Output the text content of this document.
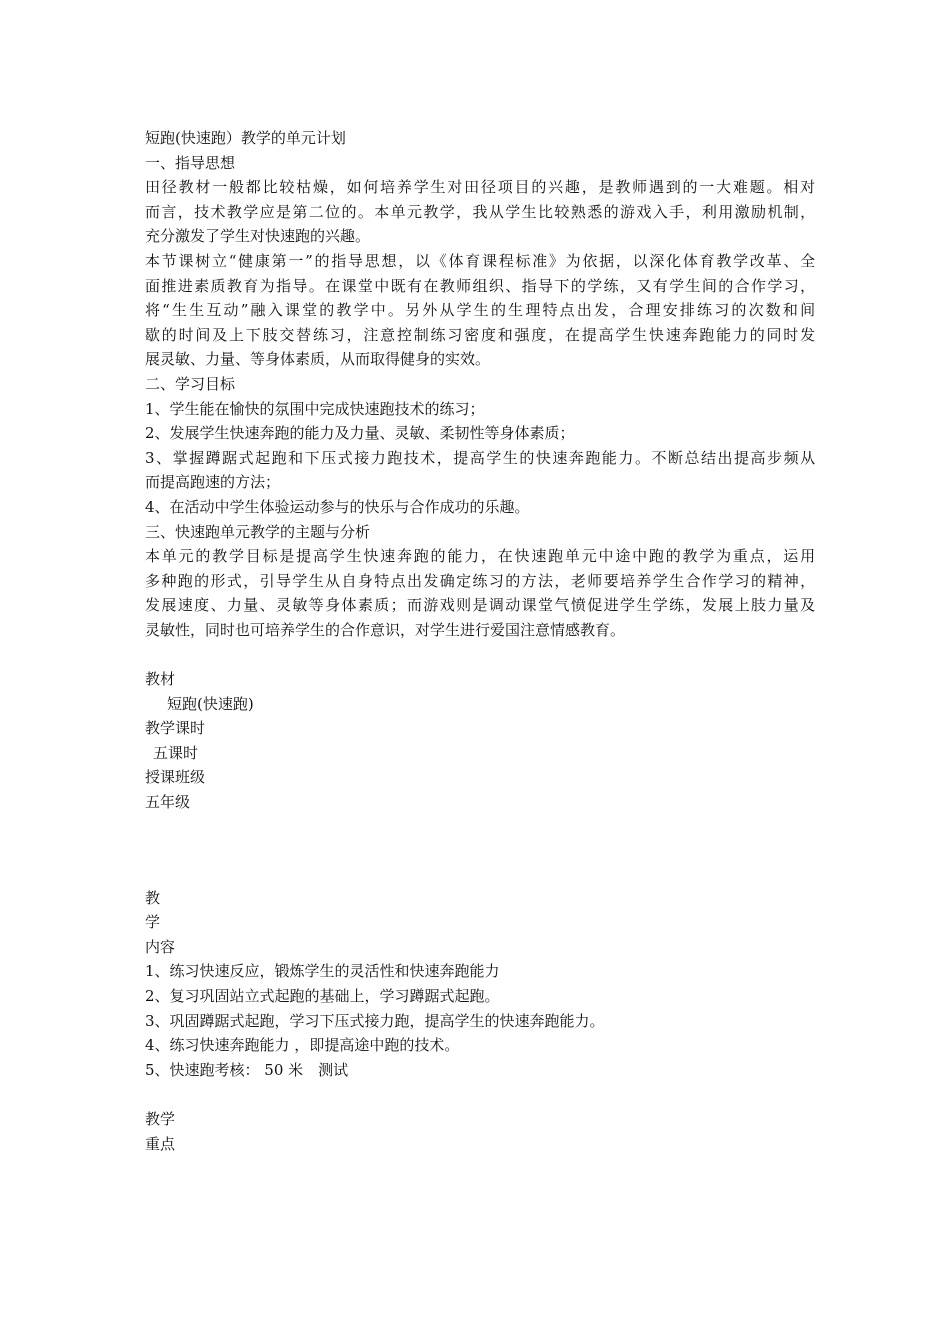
短跑(快速跑）教学的单元计划
一、指导思想
田径教材一般都比较枯燥，如何培养学生对田径项目的兴趣，是教师遇到的一大难题。相对
而言，技术教学应是第二位的。本单元教学，我从学生比较熟悉的游戏入手，利用激励机制，
充分激发了学生对快速跑的兴趣。
本节课树立“健康第一”的指导思想，以《体育课程标准》为依据，以深化体育教学改革、全
面推进素质教育为指导。在课堂中既有在教师组织、指导下的学练，又有学生间的合作学习，
将“生生互动”融入课堂的教学中。另外从学生的生理特点出发，合理安排练习的次数和间
歇的时间及上下肢交替练习，注意控制练习密度和强度，在提高学生快速奔跑能力的同时发
展灵敏、力量、等身体素质，从而取得健身的实效。
二、学习目标
1、学生能在愉快的氛围中完成快速跑技术的练习；
2、发展学生快速奔跑的能力及力量、灵敏、柔韧性等身体素质；
3、掌握蹲踞式起跑和下压式接力跑技术，提高学生的快速奔跑能力。不断总结出提高步频从
而提高跑速的方法；
4、在活动中学生体验运动参与的快乐与合作成功的乐趣。
三、快速跑单元教学的主题与分析
本单元的教学目标是提高学生快速奔跑的能力，在快速跑单元中途中跑的教学为重点，运用
多种跑的形式，引导学生从自身特点出发确定练习的方法，老师要培养学生合作学习的精神，
发展速度、力量、灵敏等身体素质；而游戏则是调动课堂气愤促进学生学练，发展上肢力量及
灵敏性，同时也可培养学生的合作意识，对学生进行爱国注意情感教育。
教材
短跑(快速跑)
教学课时
五课时
授课班级
五年级
教
学
内容
1、练习快速反应，锻炼学生的灵活性和快速奔跑能力
2、复习巩固站立式起跑的基础上，学习蹲踞式起跑。
3、巩固蹲踞式起跑，学习下压式接力跑，提高学生的快速奔跑能力。
4、练习快速奔跑能力 ，即提高途中跑的技术。
5、快速跑考核： 50 米　测试
教学
重点
